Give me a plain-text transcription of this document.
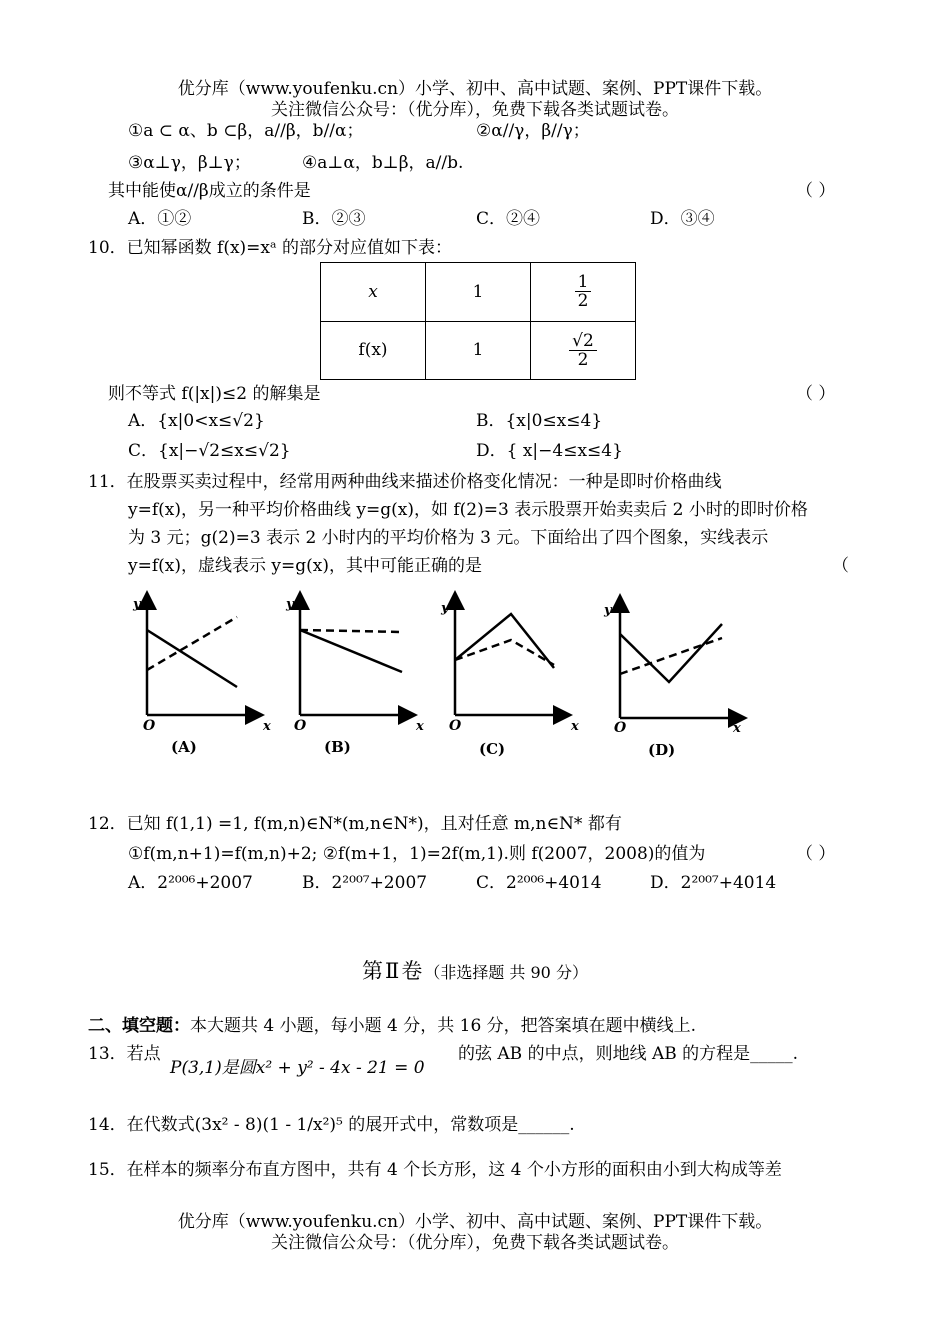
优分库（www.youfenku.cn）小学、初中、高中试题、案例、PPT课件下载。
关注微信公众号：（优分库），免费下载各类试题试卷。
①a ⊂ α、b ⊂β，a//β，b//α；	②α//γ，β//γ；
③α⊥γ，β⊥γ；	④a⊥α，b⊥β，a//b.
其中能使α//β成立的条件是	（ ）
A．①②	B．②③	C．②④	D．③④
10．已知幂函数 f(x)=xᵃ 的部分对应值如下表：
x	1	$\frac{1}{2}$

f(x)	1	$\frac{√2}{2}$
则不等式 f(|x|)≤2 的解集是	（ ）
A．{x|0<x≤√2}	B．{x|0≤x≤4}
C．{x|−√2≤x≤√2}	D．{ x|−4≤x≤4}
11．在股票买卖过程中，经常用两种曲线来描述价格变化情况：一种是即时价格曲线
y=f(x)，另一种平均价格曲线 y=g(x)，如 f(2)=3 表示股票开始卖卖后 2 小时的即时价格
为 3 元；g(2)=3 表示 2 小时内的平均价格为 3 元。下面给出了四个图象，实线表示
y=f(x)，虚线表示 y=g(x)，其中可能正确的是	（
y
O	x
(A)
y
O	x
(B)
y
O	x
(C)
y
O	x
(D)
12．已知 f(1,1) =1, f(m,n)∈N*(m,n∈N*)，且对任意 m,n∈N* 都有
①f(m,n+1)=f(m,n)+2; ②f(m+1，1)=2f(m,1).则 f(2007，2008)的值为	（ ）
A．2²⁰⁰⁶+2007	B．2²⁰⁰⁷+2007	C．2²⁰⁰⁶+4014	D．2²⁰⁰⁷+4014
第Ⅱ卷（非选择题 共 90 分）
二、填空题：本大题共 4 小题，每小题 4 分，共 16 分，把答案填在题中横线上.
13．若点
P(3,1)是圆x² + y² - 4x - 21 = 0
的弦 AB 的中点，则地线 AB 的方程是_____.
14．在代数式(3x² - 8)(1 - 1/x²)⁵ 的展开式中，常数项是______.
15．在样本的频率分布直方图中，共有 4 个长方形，这 4 个小方形的面积由小到大构成等差
优分库（www.youfenku.cn）小学、初中、高中试题、案例、PPT课件下载。
关注微信公众号：（优分库），免费下载各类试题试卷。
